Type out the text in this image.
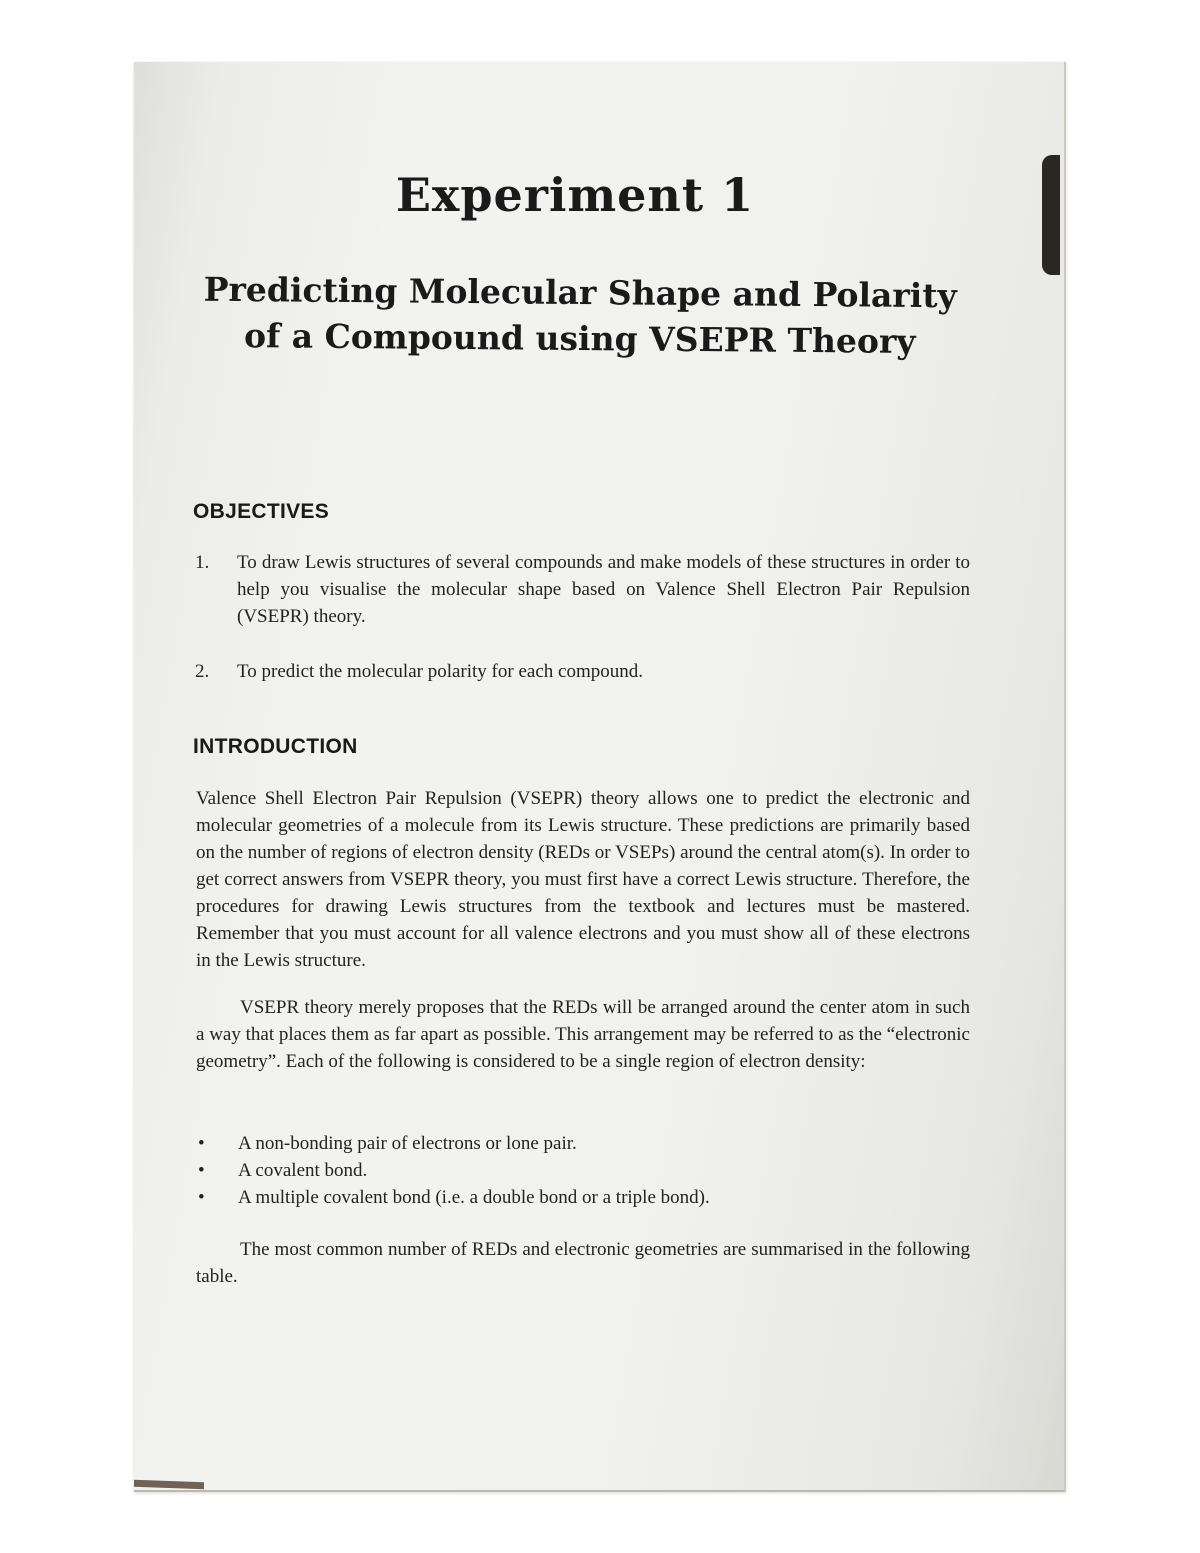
Experiment 1
Predicting Molecular Shape and Polarity
of a Compound using VSEPR Theory
OBJECTIVES
1. To draw Lewis structures of several compounds and make models of these structures in order to help you visualise the molecular shape based on Valence Shell Electron Pair Repulsion (VSEPR) theory.
2. To predict the molecular polarity for each compound.
INTRODUCTION
Valence Shell Electron Pair Repulsion (VSEPR) theory allows one to predict the electronic and molecular geometries of a molecule from its Lewis structure. These predictions are primarily based on the number of regions of electron density (REDs or VSEPs) around the central atom(s). In order to get correct answers from VSEPR theory, you must first have a correct Lewis structure. Therefore, the procedures for drawing Lewis structures from the textbook and lectures must be mastered. Remember that you must account for all valence electrons and you must show all of these electrons in the Lewis structure.
VSEPR theory merely proposes that the REDs will be arranged around the center atom in such a way that places them as far apart as possible. This arrangement may be referred to as the “electronic geometry”. Each of the following is considered to be a single region of electron density:
• A non-bonding pair of electrons or lone pair.
• A covalent bond.
• A multiple covalent bond (i.e. a double bond or a triple bond).
The most common number of REDs and electronic geometries are summarised in the following table.
